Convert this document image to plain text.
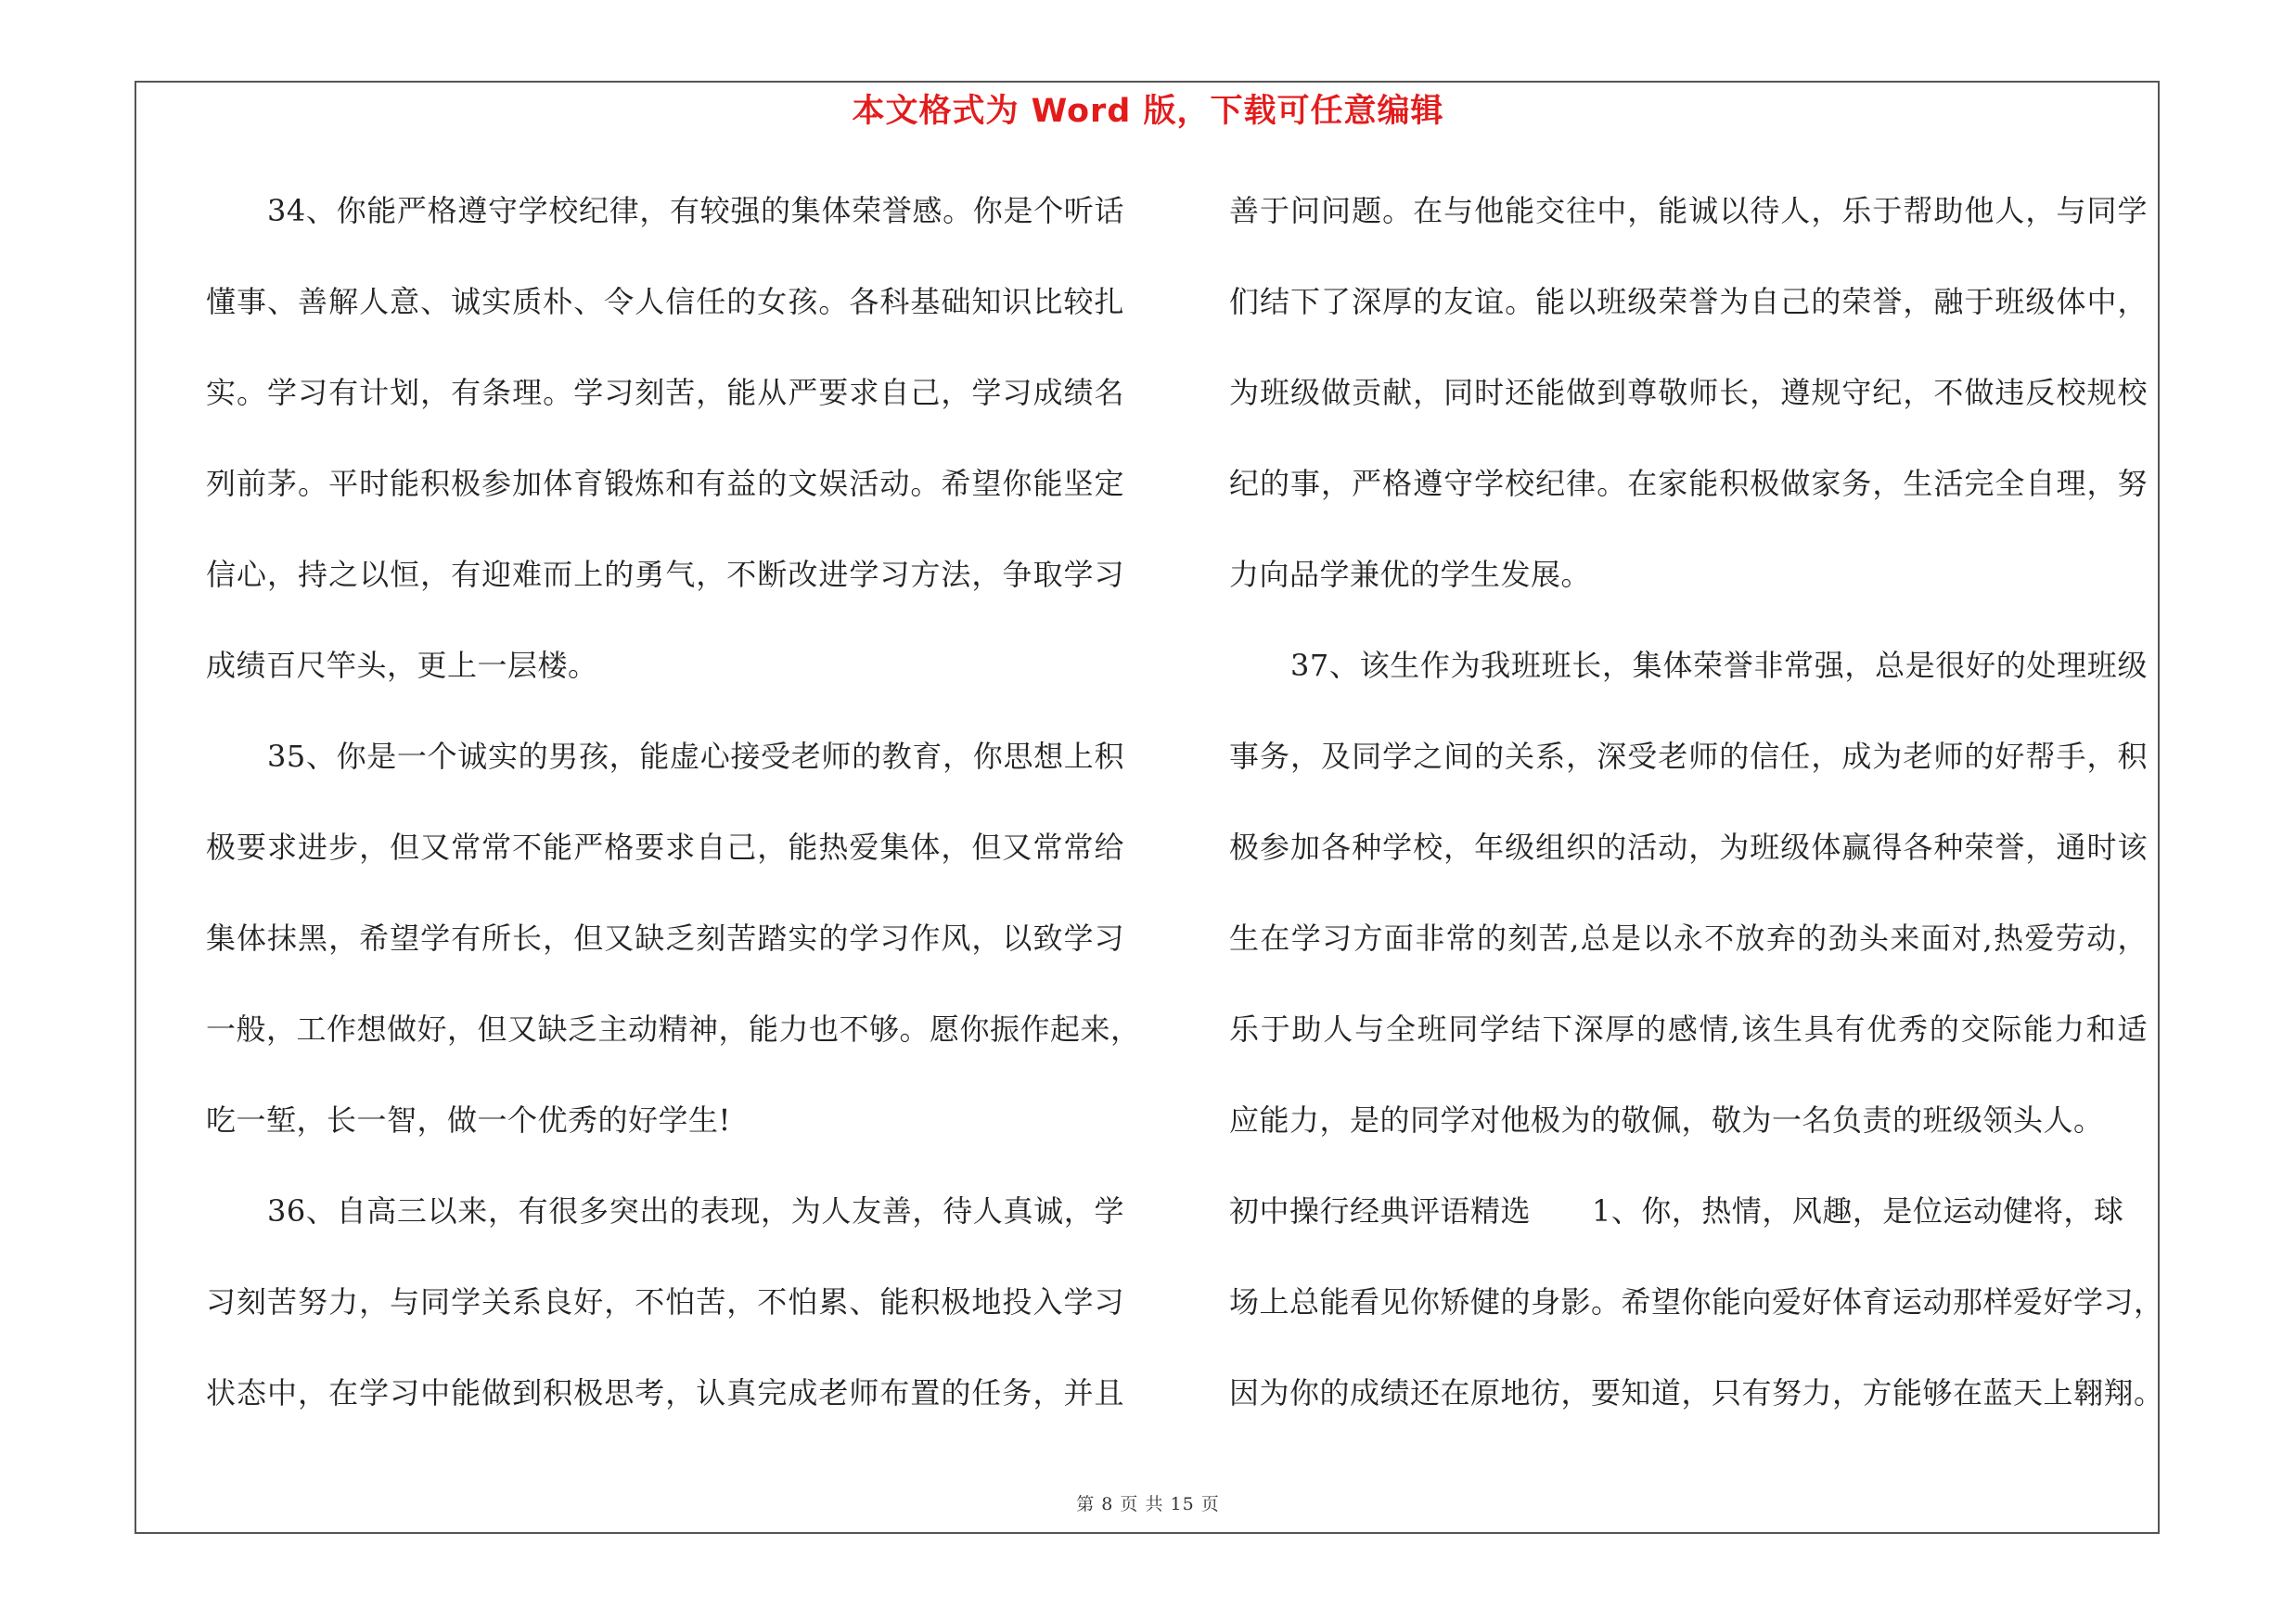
本文格式为 Word 版，下载可任意编辑
34、你能严格遵守学校纪律，有较强的集体荣誉感。你是个听话
懂事、善解人意、诚实质朴、令人信任的女孩。各科基础知识比较扎
实。学习有计划，有条理。学习刻苦，能从严要求自己，学习成绩名
列前茅。平时能积极参加体育锻炼和有益的文娱活动。希望你能坚定
信心，持之以恒，有迎难而上的勇气，不断改进学习方法，争取学习
成绩百尺竿头，更上一层楼。
35、你是一个诚实的男孩，能虚心接受老师的教育，你思想上积
极要求进步，但又常常不能严格要求自己，能热爱集体，但又常常给
集体抹黑，希望学有所长，但又缺乏刻苦踏实的学习作风，以致学习
一般，工作想做好，但又缺乏主动精神，能力也不够。愿你振作起来，
吃一堑，长一智，做一个优秀的好学生!
36、自高三以来，有很多突出的表现，为人友善，待人真诚，学
习刻苦努力，与同学关系良好，不怕苦，不怕累、能积极地投入学习
状态中，在学习中能做到积极思考，认真完成老师布置的任务，并且
善于问问题。在与他能交往中，能诚以待人，乐于帮助他人，与同学
们结下了深厚的友谊。能以班级荣誉为自己的荣誉，融于班级体中，
为班级做贡献，同时还能做到尊敬师长，遵规守纪，不做违反校规校
纪的事，严格遵守学校纪律。在家能积极做家务，生活完全自理，努
力向品学兼优的学生发展。
37、该生作为我班班长，集体荣誉非常强，总是很好的处理班级
事务，及同学之间的关系，深受老师的信任，成为老师的好帮手，积
极参加各种学校，年级组织的活动，为班级体赢得各种荣誉，通时该
生在学习方面非常的刻苦,总是以永不放弃的劲头来面对,热爱劳动，
乐于助人与全班同学结下深厚的感情,该生具有优秀的交际能力和适
应能力，是的同学对他极为的敬佩，敬为一名负责的班级领头人。
初中操行经典评语精选 1、你，热情，风趣，是位运动健将，球
场上总能看见你矫健的身影。希望你能向爱好体育运动那样爱好学习，
因为你的成绩还在原地彷，要知道，只有努力，方能够在蓝天上翱翔。
第 8 页 共 15 页
